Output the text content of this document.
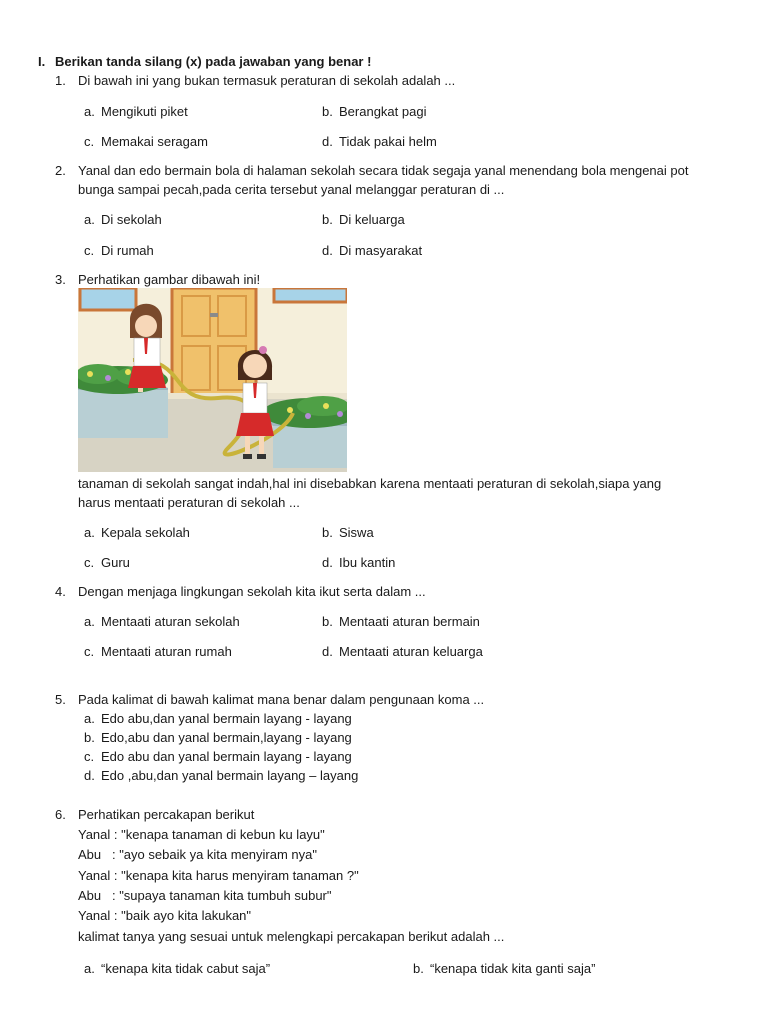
I. Berikan tanda silang (x) pada jawaban yang benar !
1. Di bawah ini yang bukan termasuk peraturan di sekolah adalah ...
a. Mengikuti piket	b. Berangkat pagi
c. Memakai seragam	d. Tidak pakai helm
2. Yanal dan edo bermain bola di halaman sekolah secara tidak segaja yanal menendang bola mengenai pot
bunga sampai pecah,pada cerita tersebut yanal melanggar peraturan di ...
a. Di sekolah	b. Di keluarga
c. Di rumah	d. Di masyarakat
3. Perhatikan gambar dibawah ini!
tanaman di sekolah sangat indah,hal ini disebabkan karena mentaati peraturan di sekolah,siapa yang
harus mentaati peraturan di sekolah ...
a. Kepala sekolah	b. Siswa
c. Guru	d. Ibu kantin
4. Dengan menjaga lingkungan sekolah kita ikut serta dalam ...
a. Mentaati aturan sekolah	b. Mentaati aturan bermain
c. Mentaati aturan rumah	d. Mentaati aturan keluarga
5. Pada kalimat di bawah kalimat mana benar dalam pengunaan koma ...
a. Edo abu,dan yanal bermain layang - layang
b. Edo,abu dan yanal bermain,layang - layang
c. Edo abu dan yanal bermain layang - layang
d. Edo ,abu,dan yanal bermain layang – layang
6. Perhatikan percakapan berikut
Yanal : "kenapa tanaman di kebun ku layu"
Abu   : "ayo sebaik ya kita menyiram nya"
Yanal : "kenapa kita harus menyiram tanaman ?"
Abu   : "supaya tanaman kita tumbuh subur"
Yanal : "baik ayo kita lakukan"
kalimat tanya yang sesuai untuk melengkapi percakapan berikut adalah ...
a. “kenapa kita tidak cabut saja”	b. “kenapa tidak kita ganti saja”
